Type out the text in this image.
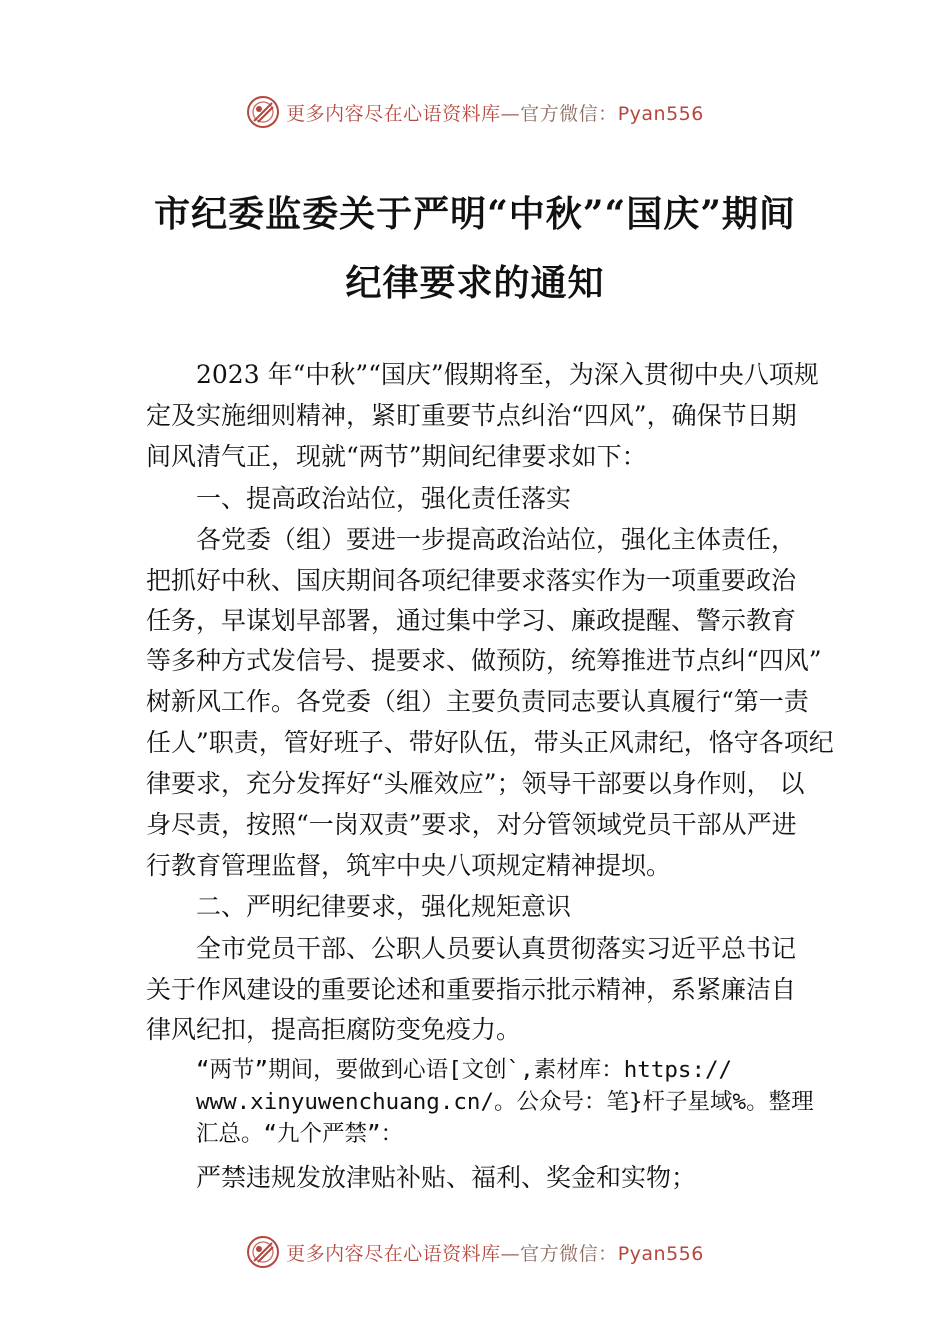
更多内容尽在心语资料库—官方微信：Pyan556
市纪委监委关于严明“中秋”“国庆”期间
纪律要求的通知
2023 年“中秋”“国庆”假期将至，为深入贯彻中央八项规
定及实施细则精神，紧盯重要节点纠治“四风”，确保节日期
间风清气正，现就“两节”期间纪律要求如下：
一、提高政治站位，强化责任落实
各党委（组）要进一步提高政治站位，强化主体责任，
把抓好中秋、国庆期间各项纪律要求落实作为一项重要政治
任务，早谋划早部署，通过集中学习、廉政提醒、警示教育
等多种方式发信号、提要求、做预防，统筹推进节点纠“四风”
树新风工作。各党委（组）主要负责同志要认真履行“第一责
任人”职责，管好班子、带好队伍，带头正风肃纪，恪守各项纪
律要求，充分发挥好“头雁效应”；领导干部要以身作则， 以
身尽责，按照“一岗双责”要求，对分管领域党员干部从严进
行教育管理监督，筑牢中央八项规定精神提坝。
二、严明纪律要求，强化规矩意识
全市党员干部、公职人员要认真贯彻落实习近平总书记
关于作风建设的重要论述和重要指示批示精神，系紧廉洁自
律风纪扣，提高拒腐防变免疫力。
“两节”期间，要做到心语[文创`,素材库：https://
www.xinyuwenchuang.cn/。公众号：笔}杆子星域%。整理
汇总。“九个严禁”：
严禁违规发放津贴补贴、福利、奖金和实物；
更多内容尽在心语资料库—官方微信：Pyan556
